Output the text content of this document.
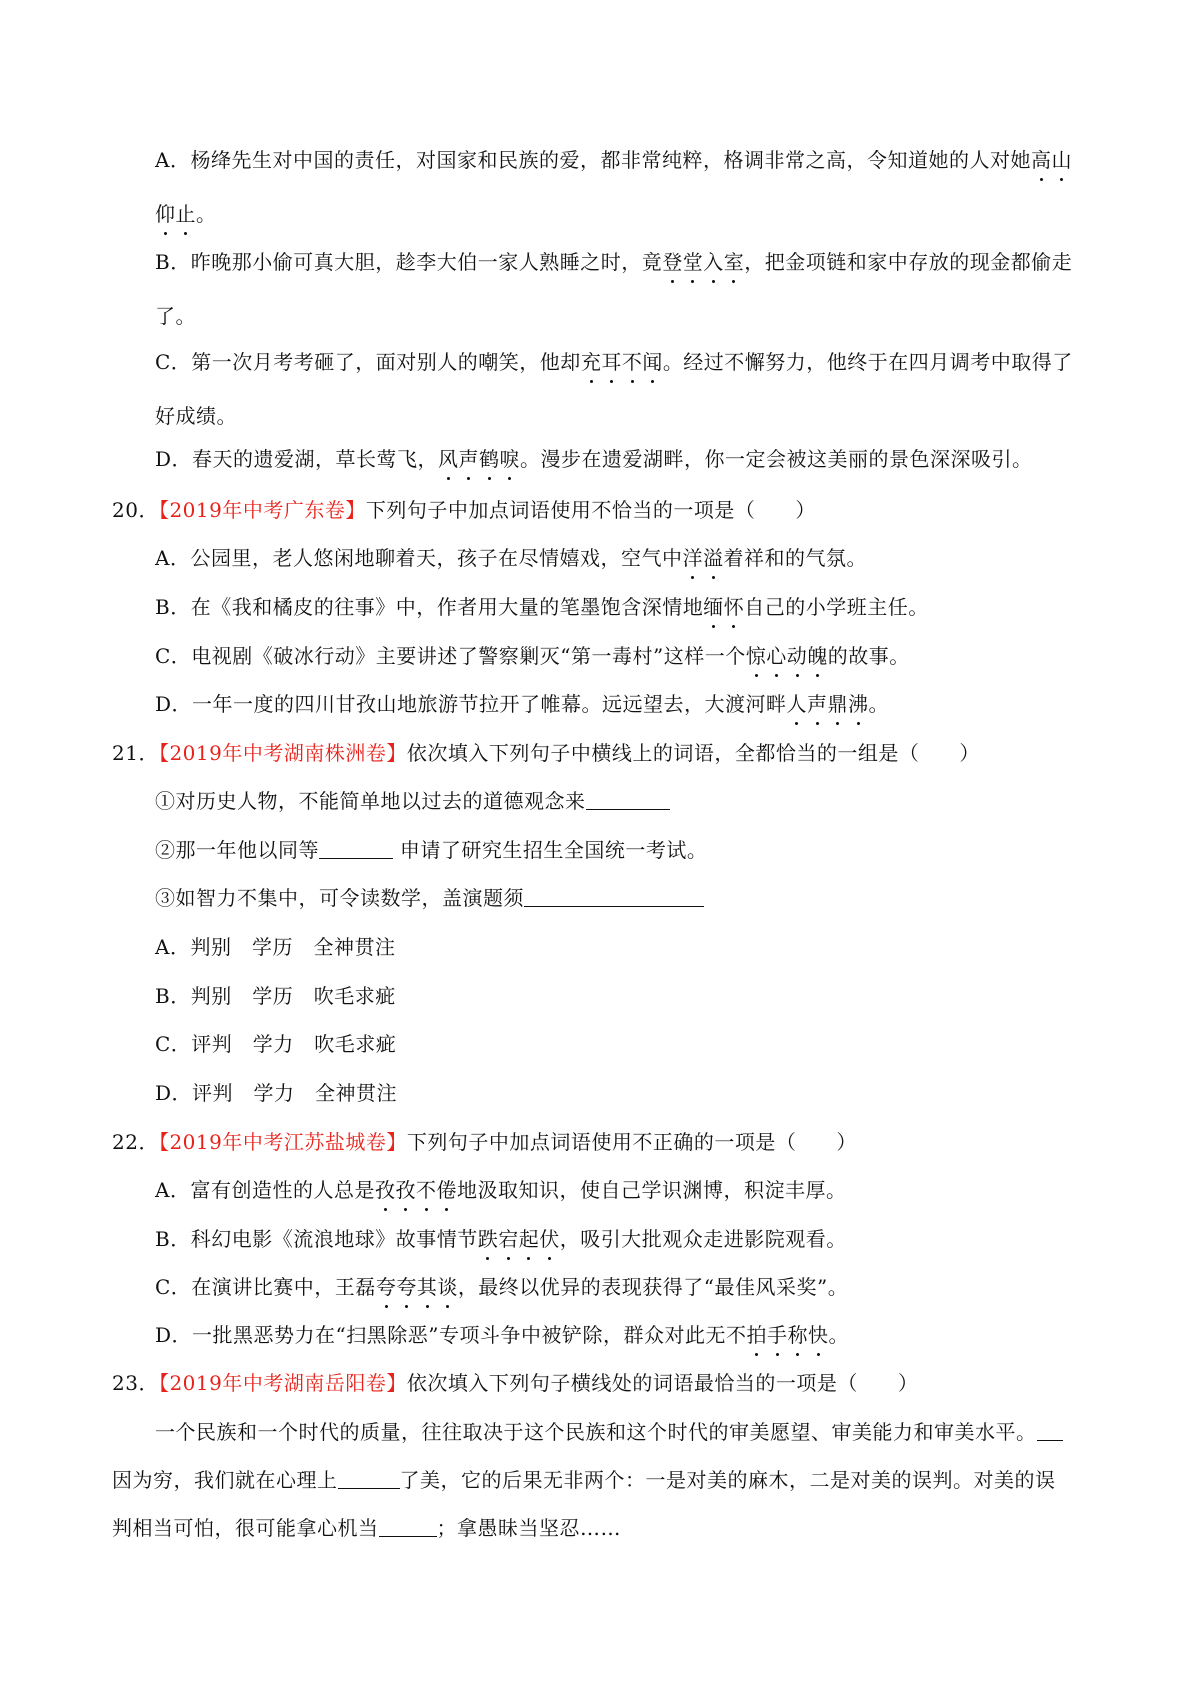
A．杨绛先生对中国的责任，对国家和民族的爱，都非常纯粹，格调非常之高，令知道她的人对她高山
仰止。
B．昨晚那小偷可真大胆，趁李大伯一家人熟睡之时，竟登堂入室，把金项链和家中存放的现金都偷走
了。
C．第一次月考考砸了，面对别人的嘲笑，他却充耳不闻。经过不懈努力，他终于在四月调考中取得了
好成绩。
D．春天的遗爱湖，草长莺飞，风声鹤唳。漫步在遗爱湖畔，你一定会被这美丽的景色深深吸引。
20．【2019年中考广东卷】下列句子中加点词语使用不恰当的一项是（ ）
A．公园里，老人悠闲地聊着天，孩子在尽情嬉戏，空气中洋溢着祥和的气氛。
B．在《我和橘皮的往事》中，作者用大量的笔墨饱含深情地缅怀自己的小学班主任。
C．电视剧《破冰行动》主要讲述了警察剿灭“第一毒村”这样一个惊心动魄的故事。
D．一年一度的四川甘孜山地旅游节拉开了帷幕。远远望去，大渡河畔人声鼎沸。
21．【2019年中考湖南株洲卷】依次填入下列句子中横线上的词语，全都恰当的一组是（ ）
①对历史人物，不能简单地以过去的道德观念来
②那一年他以同等	申请了研究生招生全国统一考试。
③如智力不集中，可令读数学，盖演题须
A．判别　学历　全神贯注
B．判别　学历　吹毛求疵
C．评判　学力　吹毛求疵
D．评判　学力　全神贯注
22．【2019年中考江苏盐城卷】下列句子中加点词语使用不正确的一项是（ ）
A．富有创造性的人总是孜孜不倦地汲取知识，使自己学识渊博，积淀丰厚。
B．科幻电影《流浪地球》故事情节跌宕起伏，吸引大批观众走进影院观看。
C．在演讲比赛中，王磊夸夸其谈，最终以优异的表现获得了“最佳风采奖”。
D．一批黑恶势力在“扫黑除恶”专项斗争中被铲除，群众对此无不拍手称快。
23．【2019年中考湖南岳阳卷】依次填入下列句子横线处的词语最恰当的一项是（ ）
一个民族和一个时代的质量，往往取决于这个民族和这个时代的审美愿望、审美能力和审美水平。
因为穷，我们就在心理上	了美，它的后果无非两个：一是对美的麻木，二是对美的误判。对美的误
判相当可怕，很可能拿心机当	；拿愚昧当坚忍……
